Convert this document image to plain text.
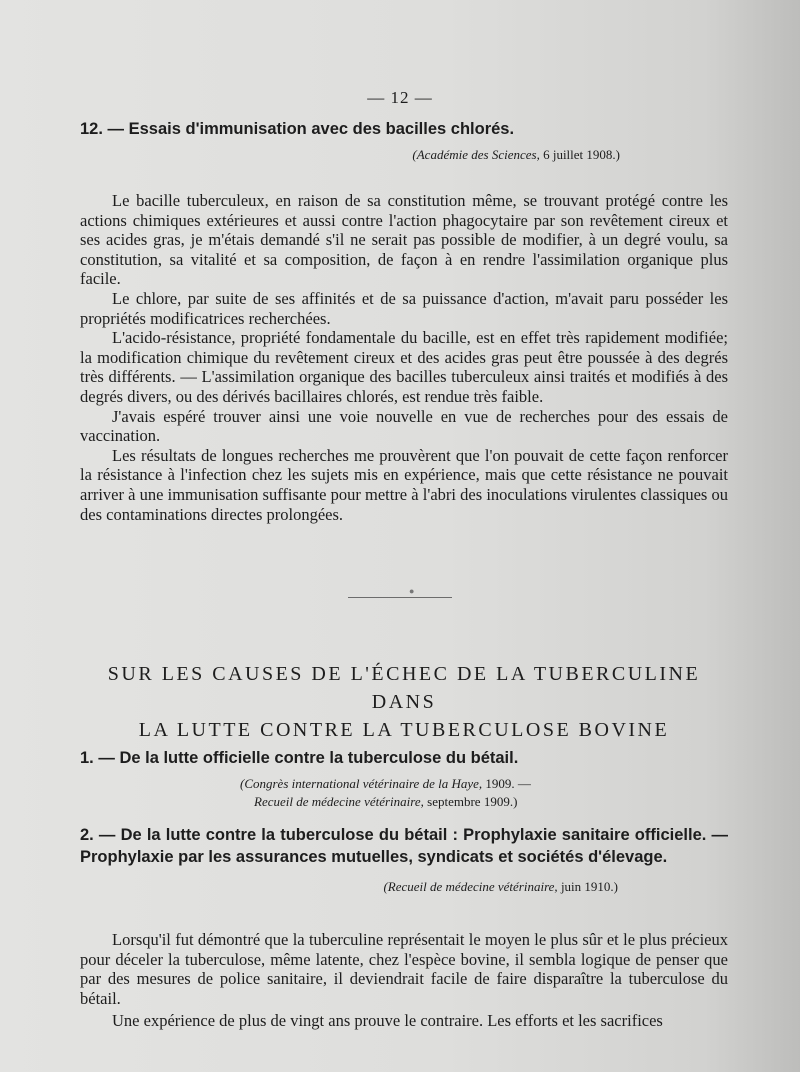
— 12 —
12. — Essais d'immunisation avec des bacilles chlorés.
(Académie des Sciences, 6 juillet 1908.)

Le bacille tuberculeux, en raison de sa constitution même, se trouvant protégé contre les actions chimiques extérieures et aussi contre l'action phagocytaire par son revêtement cireux et ses acides gras, je m'étais demandé s'il ne serait pas possible de modifier, à un degré voulu, sa constitution, sa vitalité et sa composition, de façon à en rendre l'assimilation organique plus facile.

Le chlore, par suite de ses affinités et de sa puissance d'action, m'avait paru posséder les propriétés modificatrices recherchées.

L'acido-résistance, propriété fondamentale du bacille, est en effet très rapidement modifiée; la modification chimique du revêtement cireux et des acides gras peut être poussée à des degrés très différents. — L'assimilation organique des bacilles tuberculeux ainsi traités et modifiés à des degrés divers, ou des dérivés bacillaires chlorés, est rendue très faible.

J'avais espéré trouver ainsi une voie nouvelle en vue de recherches pour des essais de vaccination.

Les résultats de longues recherches me prouvèrent que l'on pouvait de cette façon renforcer la résistance à l'infection chez les sujets mis en expérience, mais que cette résistance ne pouvait arriver à une immunisation suffisante pour mettre à l'abri des inoculations virulentes classiques ou des contaminations directes prolongées.

●
SUR LES CAUSES DE L'ÉCHEC DE LA TUBERCULINE DANS
LA LUTTE CONTRE LA TUBERCULOSE BOVINE
1. — De la lutte officielle contre la tuberculose du bétail.
(Congrès international vétérinaire de la Haye, 1909. —
Recueil de médecine vétérinaire, septembre 1909.)
2. — De la lutte contre la tuberculose du bétail : Prophylaxie sanitaire officielle. — Prophylaxie par les assurances mutuelles, syndicats et sociétés d'élevage.
(Recueil de médecine vétérinaire, juin 1910.)

Lorsqu'il fut démontré que la tuberculine représentait le moyen le plus sûr et le plus précieux pour déceler la tuberculose, même latente, chez l'espèce bovine, il sembla logique de penser que par des mesures de police sanitaire, il deviendrait facile de faire disparaître la tuberculose du bétail.

Une expérience de plus de vingt ans prouve le contraire. Les efforts et les sacrifices
